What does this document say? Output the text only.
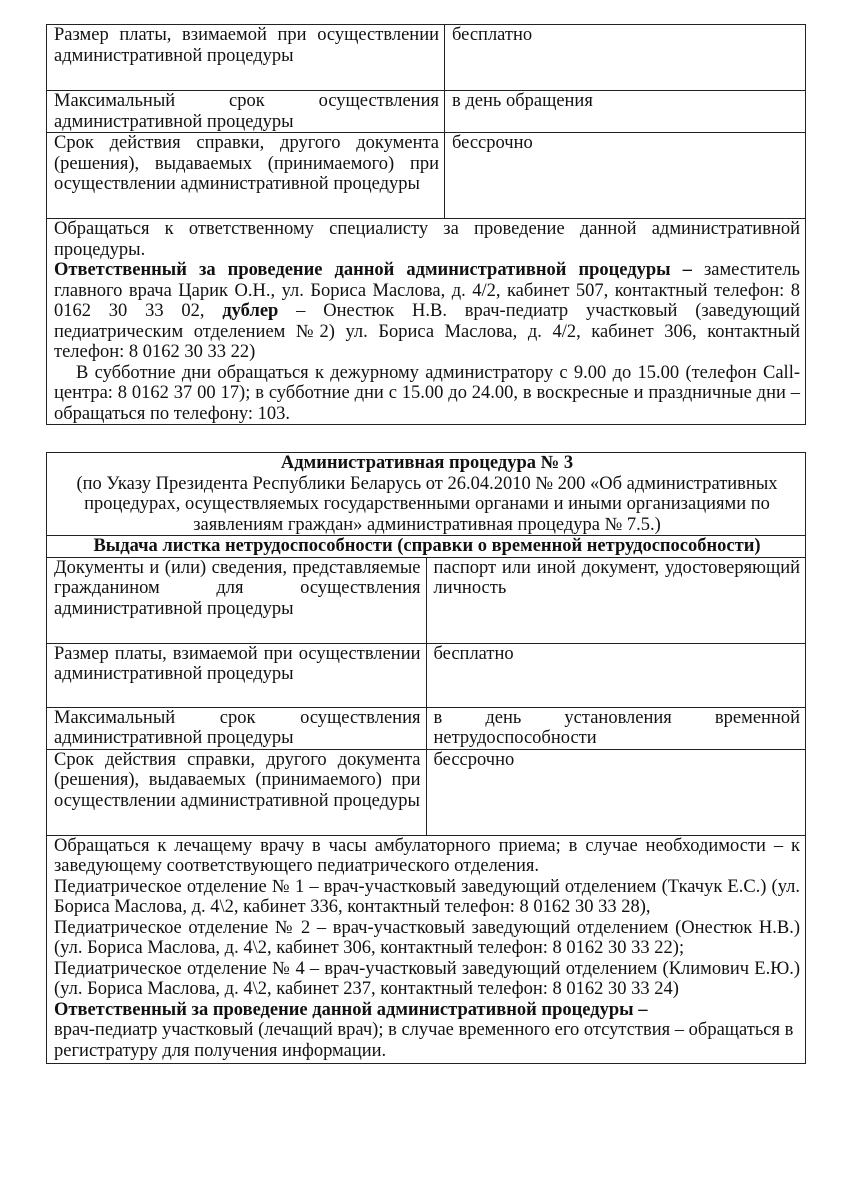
Размер платы, взимаемой при осуществлении административной процедуры	бесплатно
Максимальный срок осуществления административной процедуры	в день обращения
Срок действия справки, другого документа (решения), выдаваемых (принимаемого) при осуществлении административной процедуры	бессрочно

Обращаться к ответственному специалисту за проведение данной административной процедуры.

Ответственный за проведение данной административной процедуры – заместитель главного врача Царик О.Н., ул. Бориса Маслова, д. 4/2, кабинет 507, контактный телефон: 8 0162 30 33 02, дублер – Онестюк Н.В. врач-педиатр участковый (заведующий педиатрическим отделением №2) ул. Бориса Маслова, д. 4/2, кабинет 306, контактный телефон: 8 0162 30 33 22)

В субботние дни обращаться к дежурному администратору с 9.00 до 15.00 (телефон Call-центра: 8 0162 37 00 17); в субботние дни с 15.00 до 24.00, в воскресные и праздничные дни – обращаться по телефону: 103.	

Административная процедура № 3
(по Указу Президента Республики Беларусь от 26.04.2010 № 200 «Об административных процедурах, осуществляемых государственными органами и иными организациями по заявлениям граждан» административная процедура № 7.5.)	

Выдача листка нетрудоспособности (справки о временной нетрудоспособности)	
Документы и (или) сведения, представляемые гражданином для осуществления административной процедуры	паспорт или иной документ, удостоверяющий личность
Размер платы, взимаемой при осуществлении административной процедуры	бесплатно
Максимальный срок осуществления административной процедуры	в день установления временной нетрудоспособности
Срок действия справки, другого документа (решения), выдаваемых (принимаемого) при осуществлении административной процедуры	бессрочно

Обращаться к лечащему врачу в часы амбулаторного приема; в случае необходимости – к заведующему соответствующего педиатрического отделения.

Педиатрическое отделение № 1 – врач-участковый заведующий отделением (Ткачук Е.С.) (ул. Бориса Маслова, д. 4\2, кабинет 336, контактный телефон: 8 0162 30 33 28),

Педиатрическое отделение № 2 – врач-участковый заведующий отделением (Онестюк Н.В.) (ул. Бориса Маслова, д. 4\2, кабинет 306, контактный телефон: 8 0162 30 33 22);

Педиатрическое отделение № 4 – врач-участковый заведующий отделением (Климович Е.Ю.) (ул. Бориса Маслова, д. 4\2, кабинет 237, контактный телефон: 8 0162 30 33 24)

Ответственный за проведение данной административной процедуры –

врач-педиатр участковый (лечащий врач); в случае временного его отсутствия – обращаться в регистратуру для получения информации.
